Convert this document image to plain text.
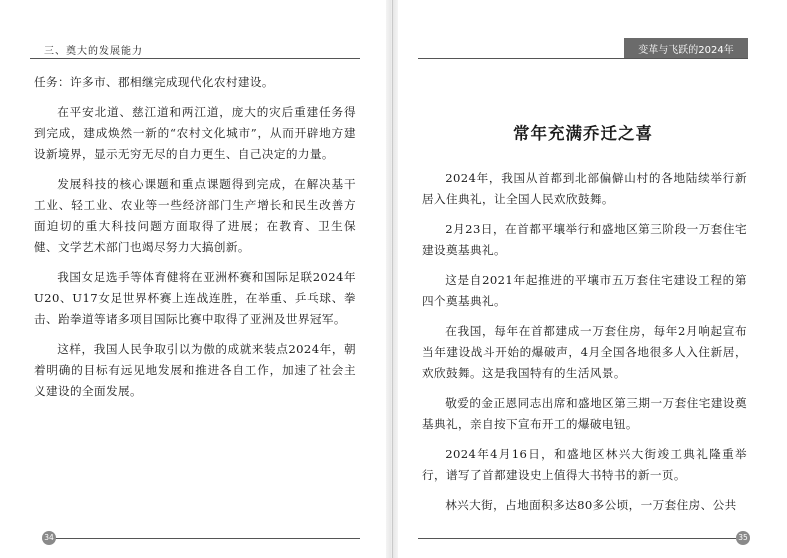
三、奠大的发展能力

任务：许多市、郡相继完成现代化农村建设。

在平安北道、慈江道和两江道，庞大的灾后重建任务得到完成，建成焕然一新的“农村文化城市”，从而开辟地方建设新境界，显示无穷无尽的自力更生、自己决定的力量。

发展科技的核心课题和重点课题得到完成，在解决基干工业、轻工业、农业等一些经济部门生产增长和民生改善方面迫切的重大科技问题方面取得了进展；在教育、卫生保健、文学艺术部门也竭尽努力大搞创新。

我国女足选手等体育健将在亚洲杯赛和国际足联2024年U20、U17女足世界杯赛上连战连胜，在举重、乒乓球、拳击、跆拳道等诸多项目国际比赛中取得了亚洲及世界冠军。

这样，我国人民争取引以为傲的成就来装点2024年，朝着明确的目标有远见地发展和推进各自工作，加速了社会主义建设的全面发展。

34
变革与飞跃的2024年
常年充满乔迁之喜

2024年，我国从首都到北部偏僻山村的各地陆续举行新居入住典礼，让全国人民欢欣鼓舞。

2月23日，在首都平壤举行和盛地区第三阶段一万套住宅建设奠基典礼。

这是自2021年起推进的平壤市五万套住宅建设工程的第四个奠基典礼。

在我国，每年在首都建成一万套住房，每年2月响起宣布当年建设战斗开始的爆破声，4月全国各地很多人入住新居，欢欣鼓舞。这是我国特有的生活风景。

敬爱的金正恩同志出席和盛地区第三期一万套住宅建设奠基典礼，亲自按下宣布开工的爆破电钮。

2024年4月16日，和盛地区林兴大街竣工典礼隆重举行，谱写了首都建设史上值得大书特书的新一页。

林兴大街，占地面积多达80多公顷，一万套住房、公共

35
